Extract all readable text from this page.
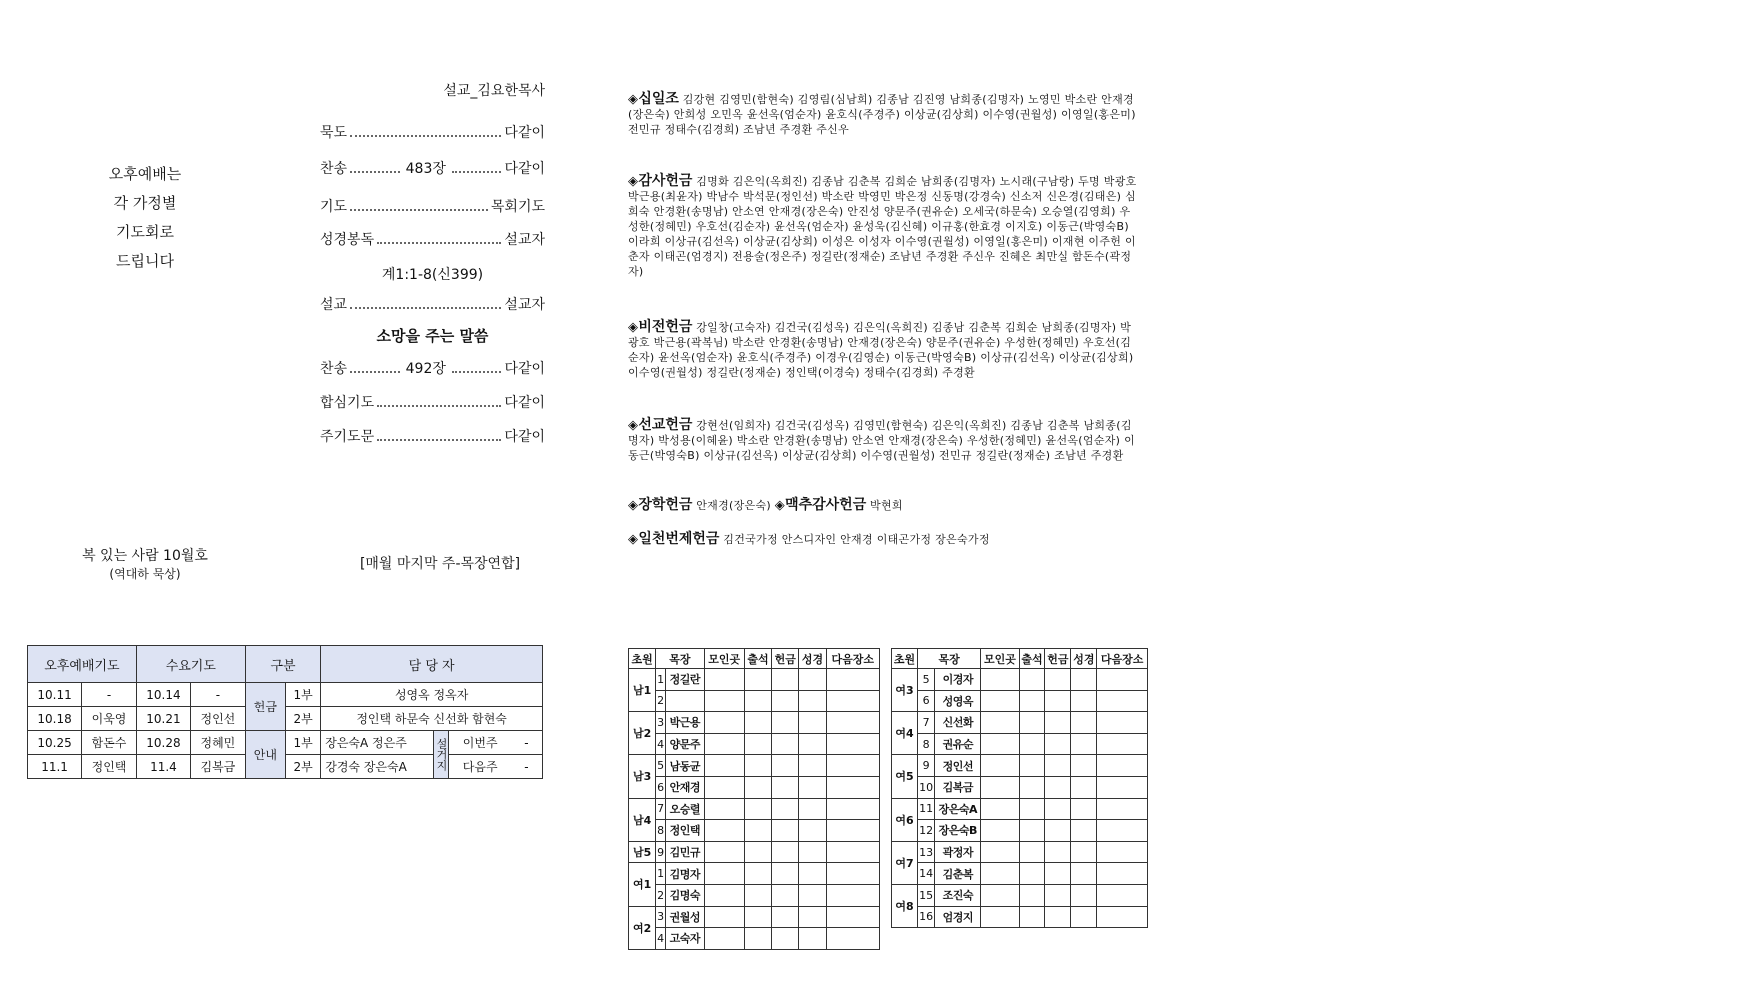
설교_김요한목사
묵도	다같이
찬송	483장	다같이
기도	목회기도
성경봉독	설교자
계1:1-8(신399)
설교	설교자
소망을 주는 말씀
찬송	492장	다같이
합심기도	다같이
주기도문	다같이
오후예배는
각 가정별
기도회로
드립니다
복 있는 사람 10월호
(역대하 묵상)
[매월 마지막 주-목장연합]
◈십일조 김강현 김영민(함현숙) 김영림(심남희) 김종남 김진영 남희종(김명자) 노영민 박소란 안재경(장은숙) 안희성 오민옥 윤선옥(엄순자) 윤호식(주경주) 이상균(김상희) 이수영(권월성) 이영일(홍은미) 전민규 정태수(김경희) 조남년 주경환 주신우
◈감사헌금 김명화 김은익(옥희진) 김종남 김춘복 김희순 남희종(김명자) 노시래(구남랑) 두명 박광호 박근용(최윤자) 박남수 박석문(정인선) 박소란 박영민 박은정 신동명(강경숙) 신소저 신은경(김태은) 심희숙 안경환(송명남) 안소연 안재경(장은숙) 안진성 양문주(권유순) 오세국(하문숙) 오승열(김영희) 우성한(정혜민) 우호선(김순자) 윤선옥(엄순자) 윤성욱(김신혜) 이규홍(한효경 이지호) 이동근(박영숙B) 이라희 이상규(김선옥) 이상균(김상희) 이성은 이성자 이수영(권월성) 이영일(홍은미) 이재현 이주헌 이춘자 이태곤(엄경지) 전용술(정은주) 정길란(정재순) 조남년 주경환 주신우 진혜은 최만실 함돈수(곽정자)
◈비전헌금 강일창(고숙자) 김건국(김성옥) 김은익(옥희진) 김종남 김춘복 김희순 남희종(김명자) 박광호 박근용(곽복님) 박소란 안경환(송명남) 안재경(장은숙) 양문주(권유순) 우성한(정혜민) 우호선(김순자) 윤선옥(엄순자) 윤호식(주경주) 이경우(김영순) 이동근(박영숙B) 이상규(김선옥) 이상균(김상희) 이수영(권월성) 정길란(정재순) 정인택(이경숙) 정태수(김경희) 주경환
◈선교헌금 강현선(임희자) 김건국(김성옥) 김영민(함현숙) 김은익(옥희진) 김종남 김춘복 남희종(김명자) 박성용(이혜윤) 박소란 안경환(송명남) 안소연 안재경(장은숙) 우성한(정혜민) 윤선옥(엄순자) 이동근(박영숙B) 이상규(김선옥) 이상균(김상희) 이수영(권월성) 전민규 정길란(정재순) 조남년 주경환
◈장학헌금 안재경(장은숙) ◈맥추감사헌금 박현희
◈일천번제헌금 김건국가정 안스디자인 안재경 이태곤가정 장은숙가정
오후예배기도		수요기도		구분		담 당 자		
10.11	-	10.14	-	헌금	1부	성영옥 정옥자		
10.18	이욱영	10.21	정인선		2부	정인택 하문숙 신선화 함현숙		
10.25	함돈수	10.28	정혜민	안내	1부	장은숙A 정은주	설거지	이번주 -
11.1	정인택	11.4	김복금		2부	강경숙 장은숙A		다음주 -
초원	목장		모인곳	출석	헌금	성경	다음장소
남1	1	정길란					
	2						
남2	3	박근용					
	4	양문주					
남3	5	남동균					
	6	안재경					
남4	7	오승렬					
	8	정인택					
남5	9	김민규					
여1	1	김명자					
	2	김명숙					
여2	3	권월성					
	4	고숙자					
초원	목장		모인곳	출석	헌금	성경	다음장소
여3	5	이경자					
	6	성영옥					
여4	7	신선화					
	8	권유순					
여5	9	정인선					
	10	김복금					
여6	11	장은숙A					
	12	장은숙B					
여7	13	곽정자					
	14	김춘복					
여8	15	조진숙					
	16	엄경지					
